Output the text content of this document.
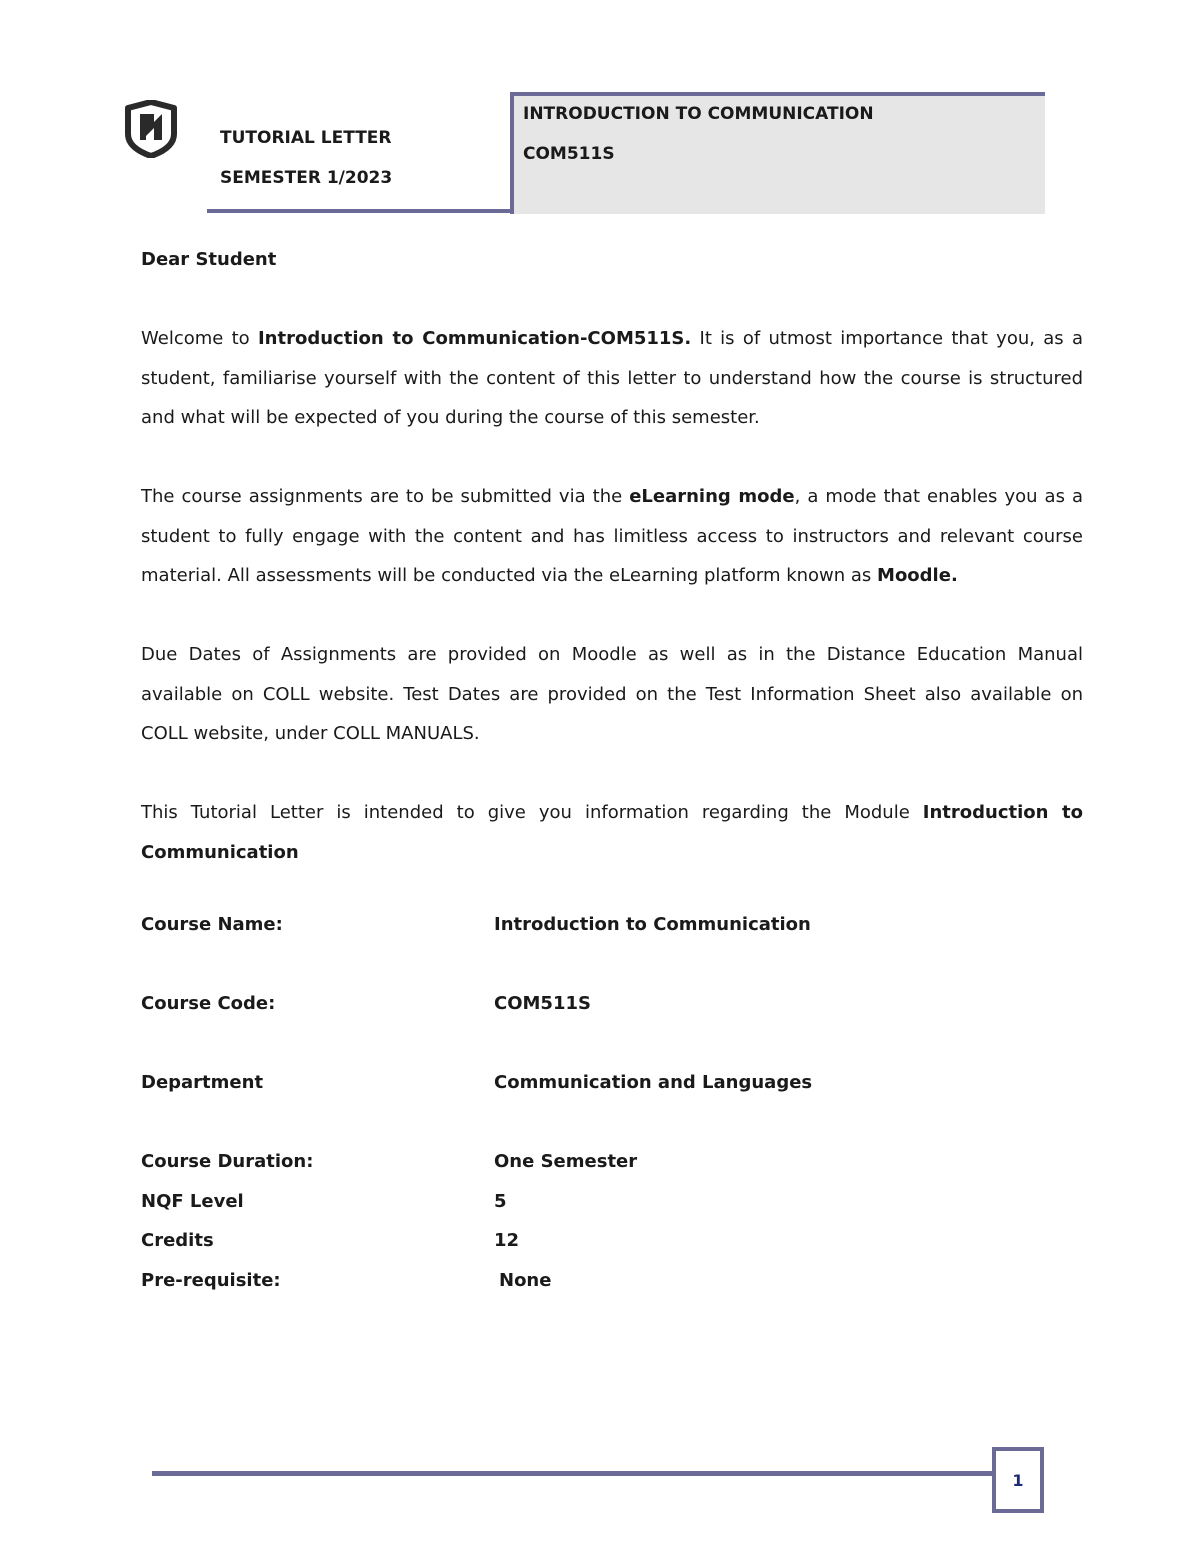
TUTORIAL LETTER
SEMESTER 1/2023
INTRODUCTION TO COMMUNICATION
COM511S

Dear Student

Welcome to Introduction to Communication-COM511S. It is of utmost importance that you, as a student, familiarise yourself with the content of this letter to understand how the course is structured and what will be expected of you during the course of this semester.

The course assignments are to be submitted via the eLearning mode, a mode that enables you as a student to fully engage with the content and has limitless access to instructors and relevant course material. All assessments will be conducted via the eLearning platform known as Moodle.

Due Dates of Assignments are provided on Moodle as well as in the Distance Education Manual available on COLL website. Test Dates are provided on the Test Information Sheet also available on COLL website, under COLL MANUALS.

This Tutorial Letter is intended to give you information regarding the Module Introduction to Communication

Course Name:	Introduction to Communication
Course Code:	COM511S
Department	Communication and Languages
Course Duration:	One Semester
NQF Level	5
Credits	12
Pre-requisite:	None
1
